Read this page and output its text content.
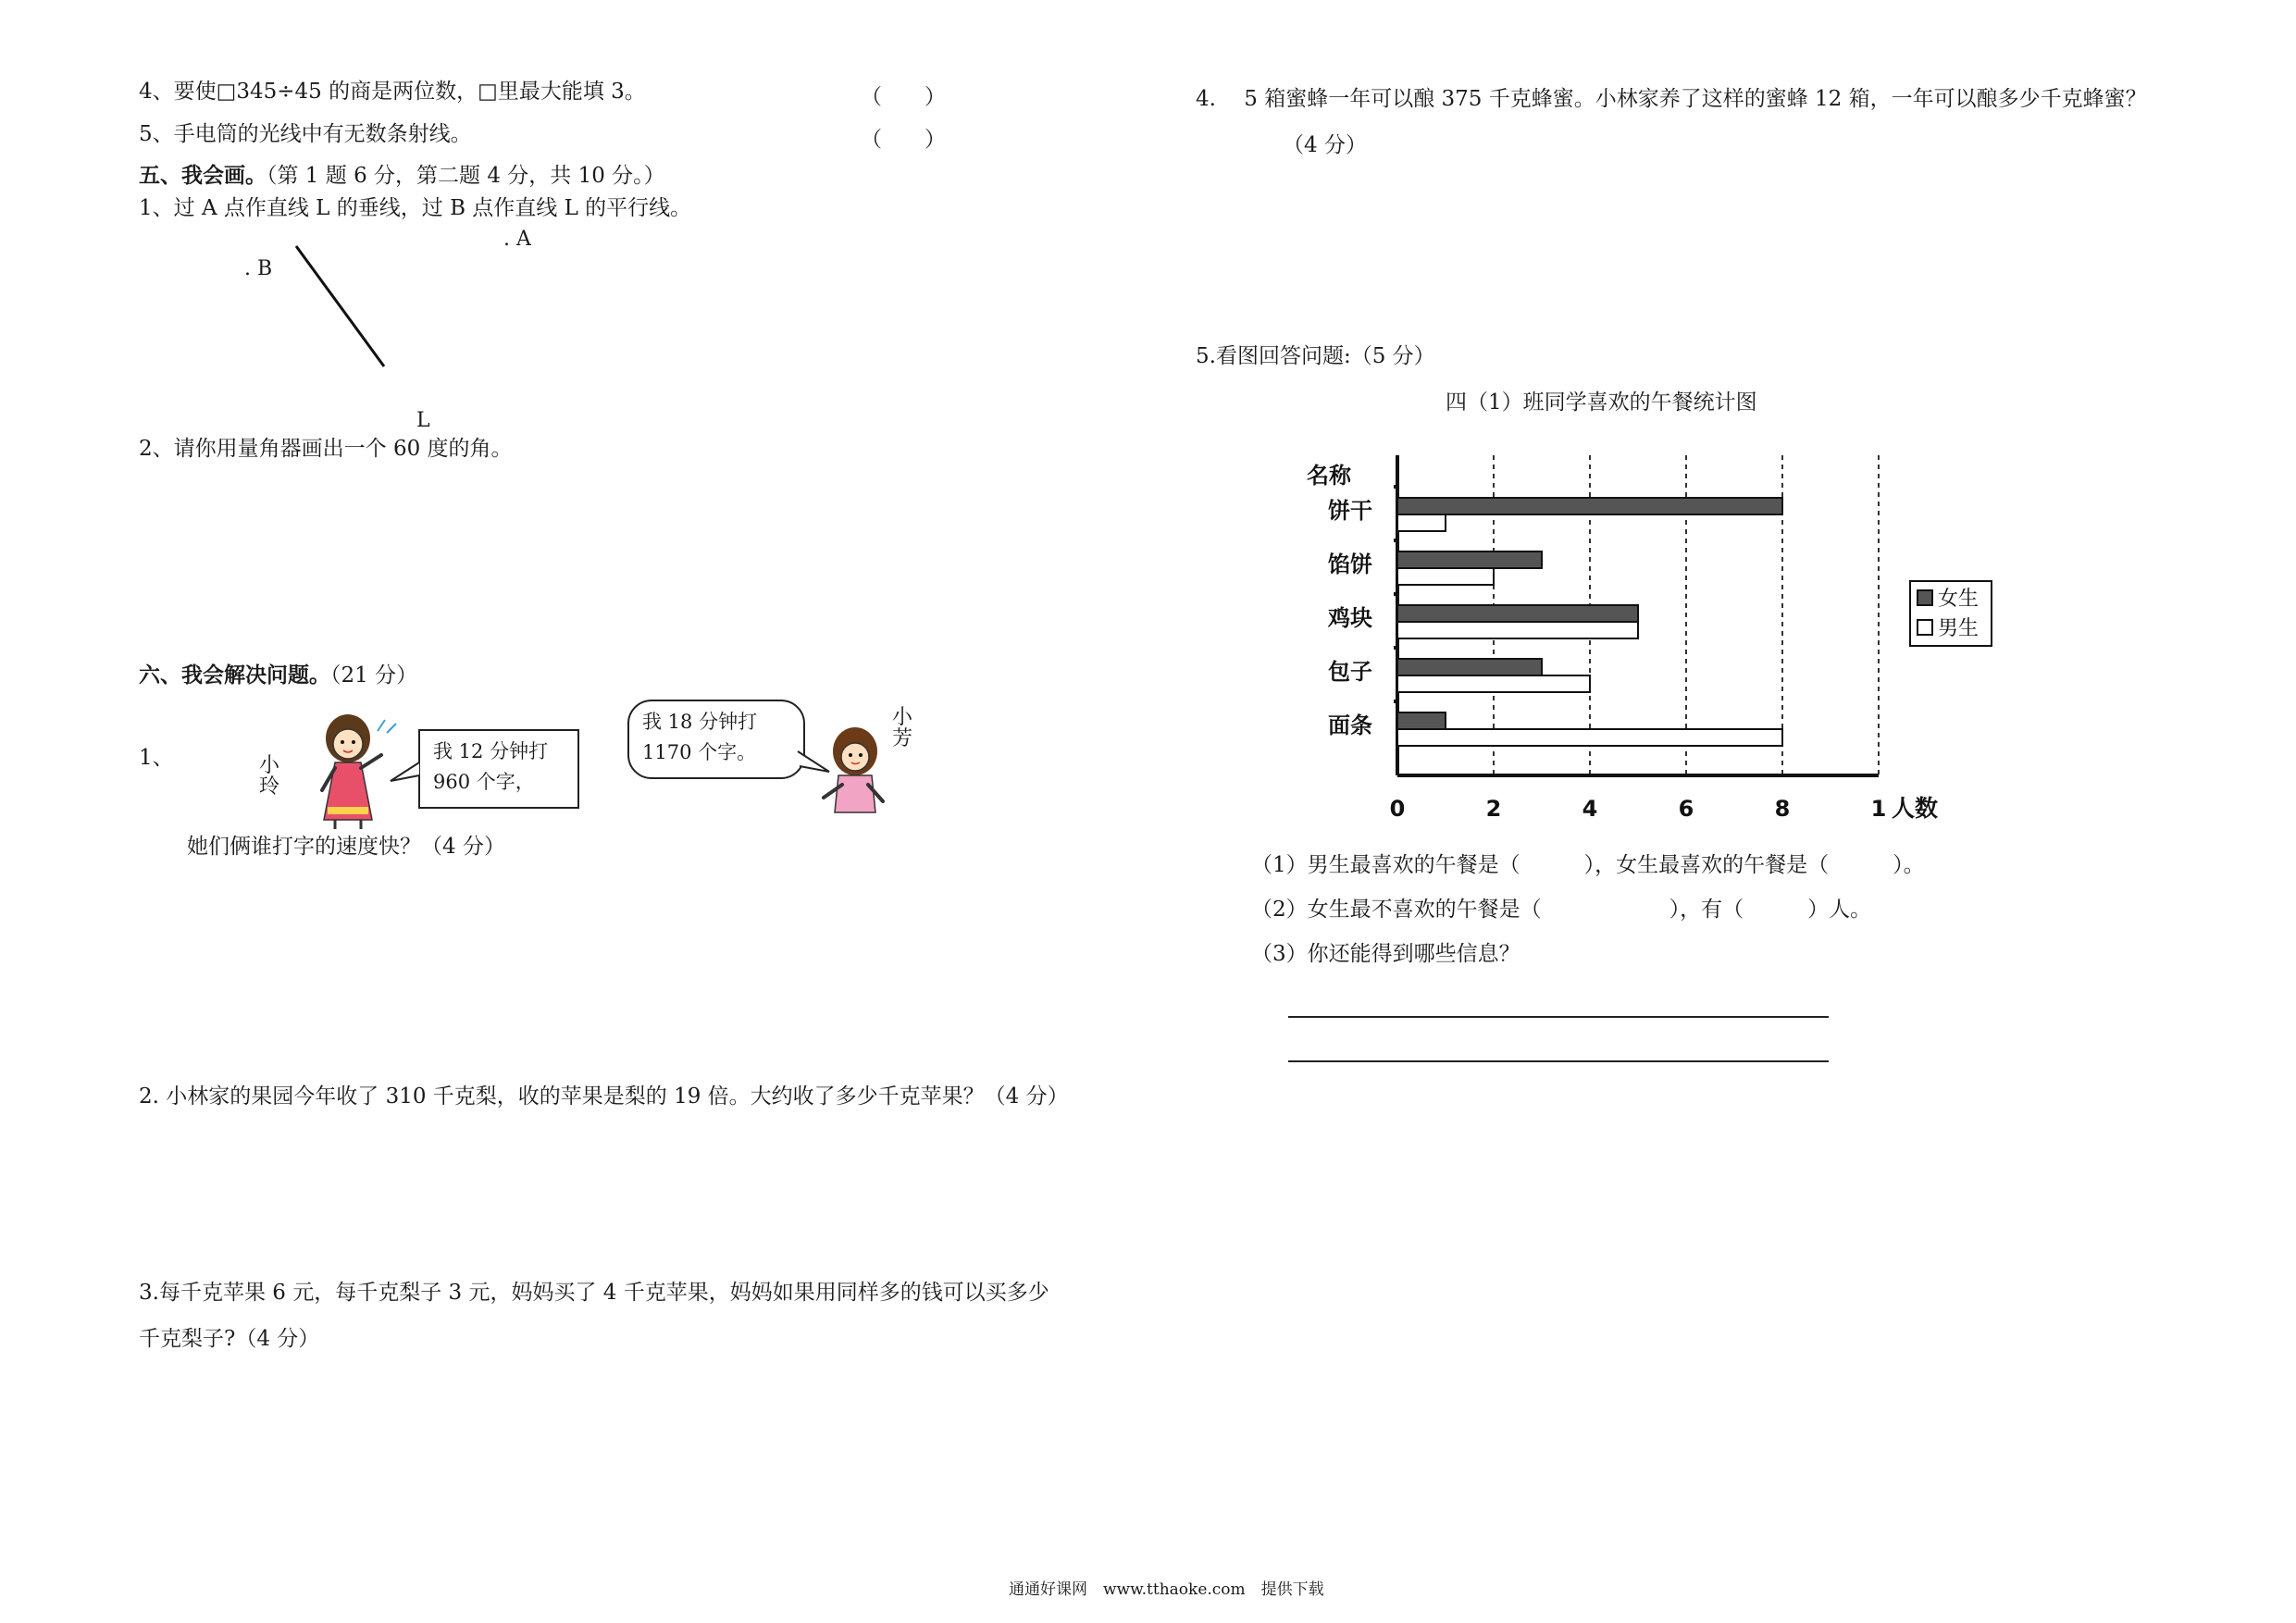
4、要使□345÷45 的商是两位数，□里最大能填 3。	（　　）
5、手电筒的光线中有无数条射线。	（　　）
五、我会画。（第 1 题 6 分，第二题 4 分，共 10 分。）
1、过 A 点作直线 L 的垂线，过 B 点作直线 L 的平行线。
. A
. B
L
2、请你用量角器画出一个 60 度的角。
六、我会解决问题。（21 分）
1、	小
玲
我 12 分钟打
960 个字，
我 18 分钟打
1170 个字。
小
芳
她们俩谁打字的速度快？（4 分）
2. 小林家的果园今年收了 310 千克梨，收的苹果是梨的 19 倍。大约收了多少千克苹果？（4 分）
3.每千克苹果 6 元，每千克梨子 3 元，妈妈买了 4 千克苹果，妈妈如果用同样多的钱可以买多少
千克梨子?（4 分）
4.　 5 箱蜜蜂一年可以酿 375 千克蜂蜜。小林家养了这样的蜜蜂 12 箱，一年可以酿多少千克蜂蜜？
（4 分）
5.看图回答问题:（5 分）
四（1）班同学喜欢的午餐统计图
名称
饼干
馅饼
鸡块
包子
面条
0	2	4	6	8	1 人数
女生
男生
（1）男生最喜欢的午餐是（　　　），女生最喜欢的午餐是（　　　）。
（2）女生最不喜欢的午餐是（　　　　　　），有（　　　）人。
（3）你还能得到哪些信息？
通通好课网　www.tthaoke.com　提供下载
